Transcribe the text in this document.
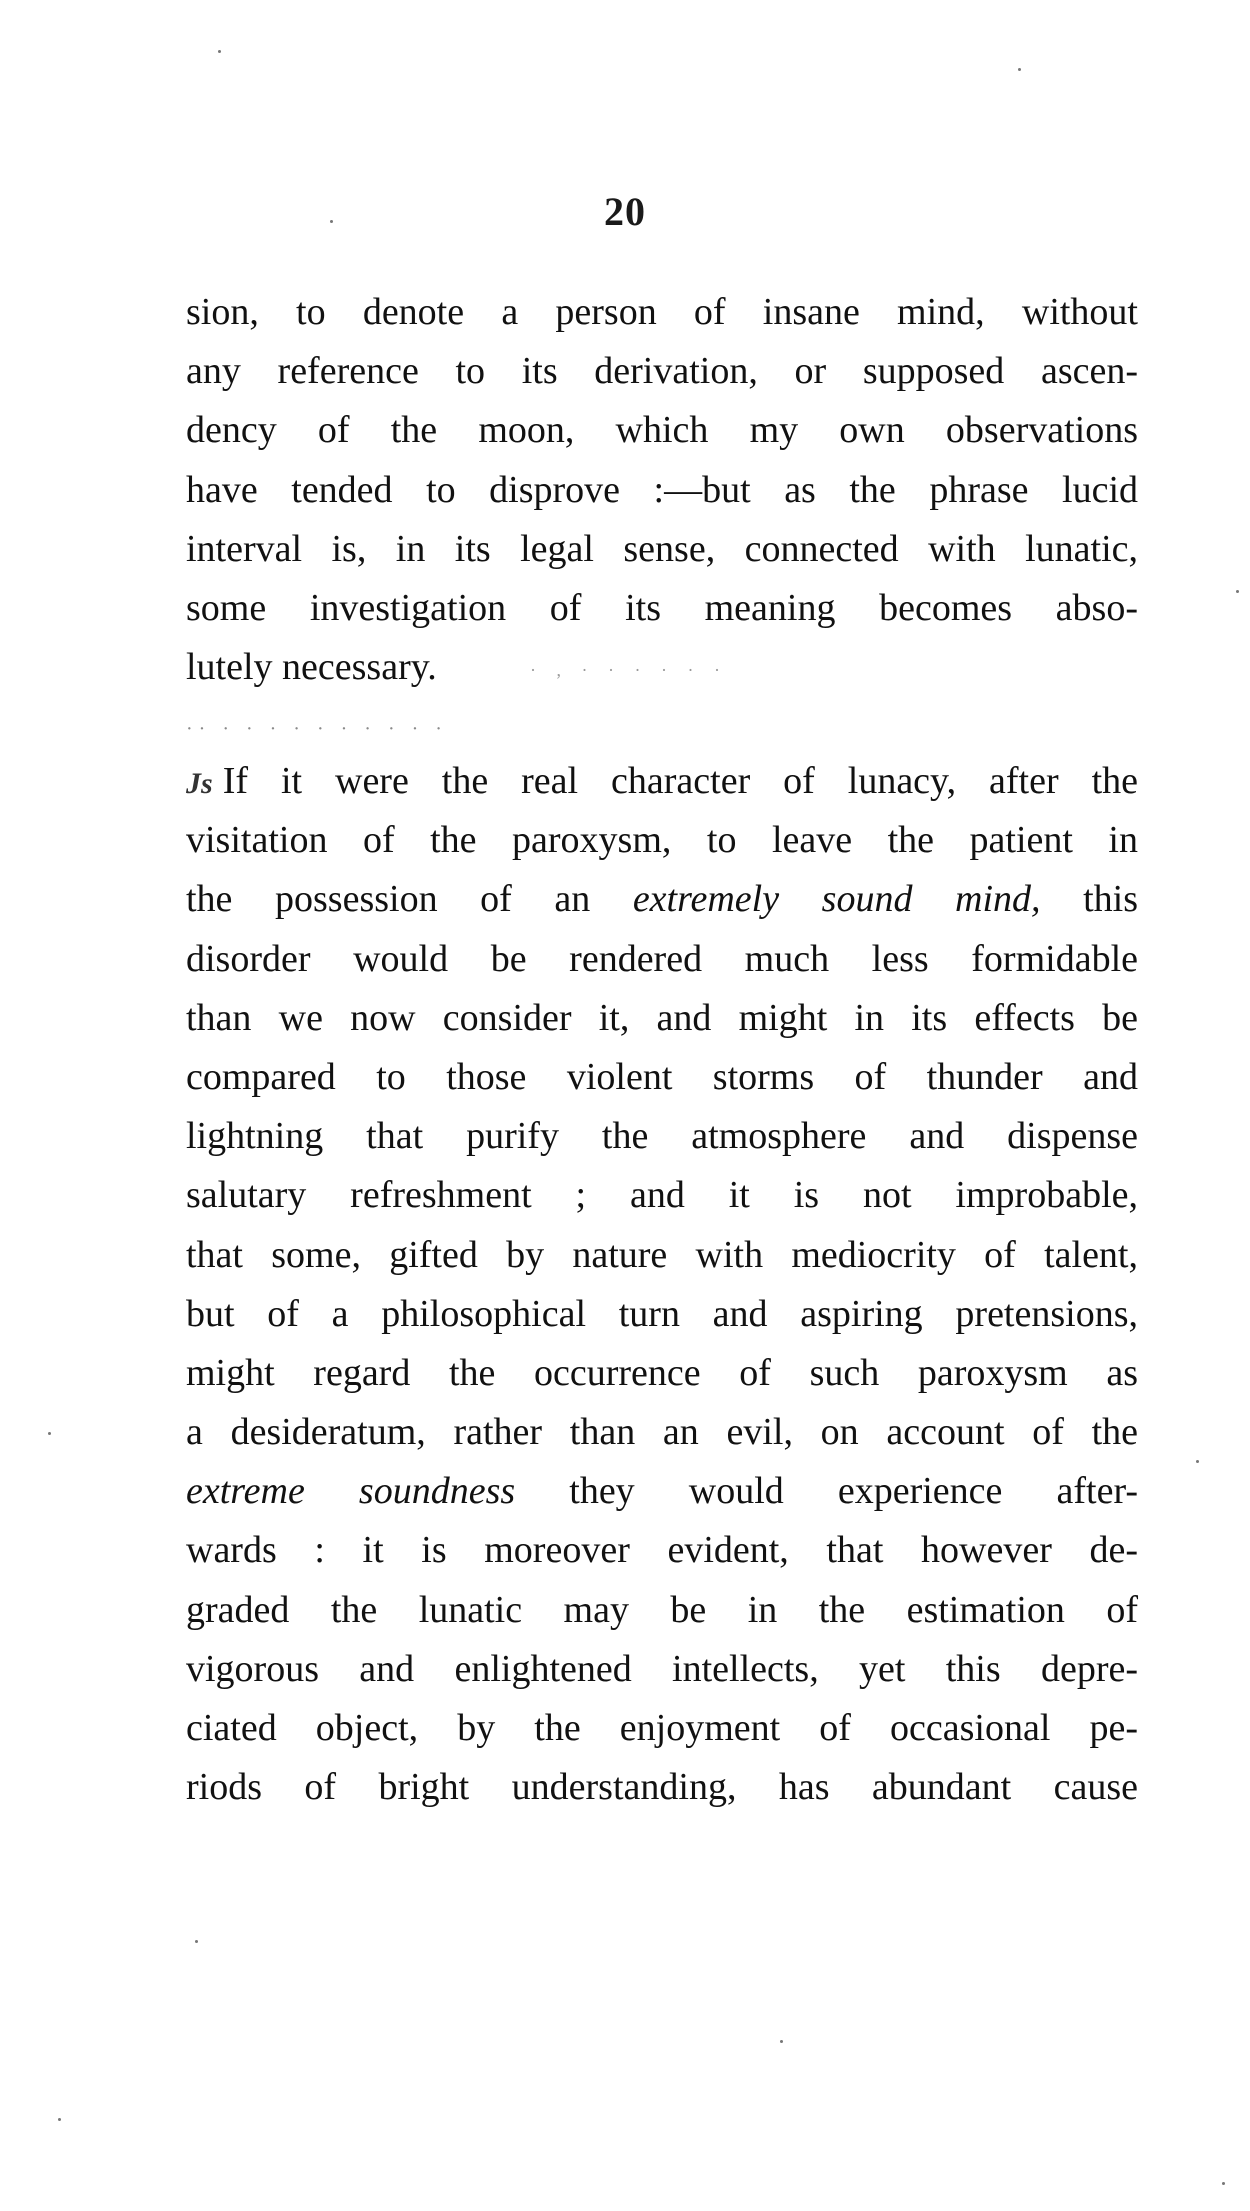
20
sion, to denote a person of insane mind, without
any reference to its derivation, or supposed ascen-
dency of the moon, which my own observations
have tended to disprove :—but as the phrase lucid
interval is, in its legal sense, connected with lunatic,
some investigation of its meaning becomes abso-
lutely necessary.	· , · · · · · ·
·· · · · · · · · · · ·
Js If it were the real character of lunacy, after the
visitation of the paroxysm, to leave the patient in
the possession of an extremely sound mind, this
disorder would be rendered much less formidable
than we now consider it, and might in its effects be
compared to those violent storms of thunder and
lightning that purify the atmosphere and dispense
salutary refreshment ; and it is not improbable,
that some, gifted by nature with mediocrity of talent,
but of a philosophical turn and aspiring pretensions,
might regard the occurrence of such paroxysm as
a desideratum, rather than an evil, on account of the
extreme soundness they would experience after-
wards : it is moreover evident, that however de-
graded the lunatic may be in the estimation of
vigorous and enlightened intellects, yet this depre-
ciated object, by the enjoyment of occasional pe-
riods of bright understanding, has abundant cause
